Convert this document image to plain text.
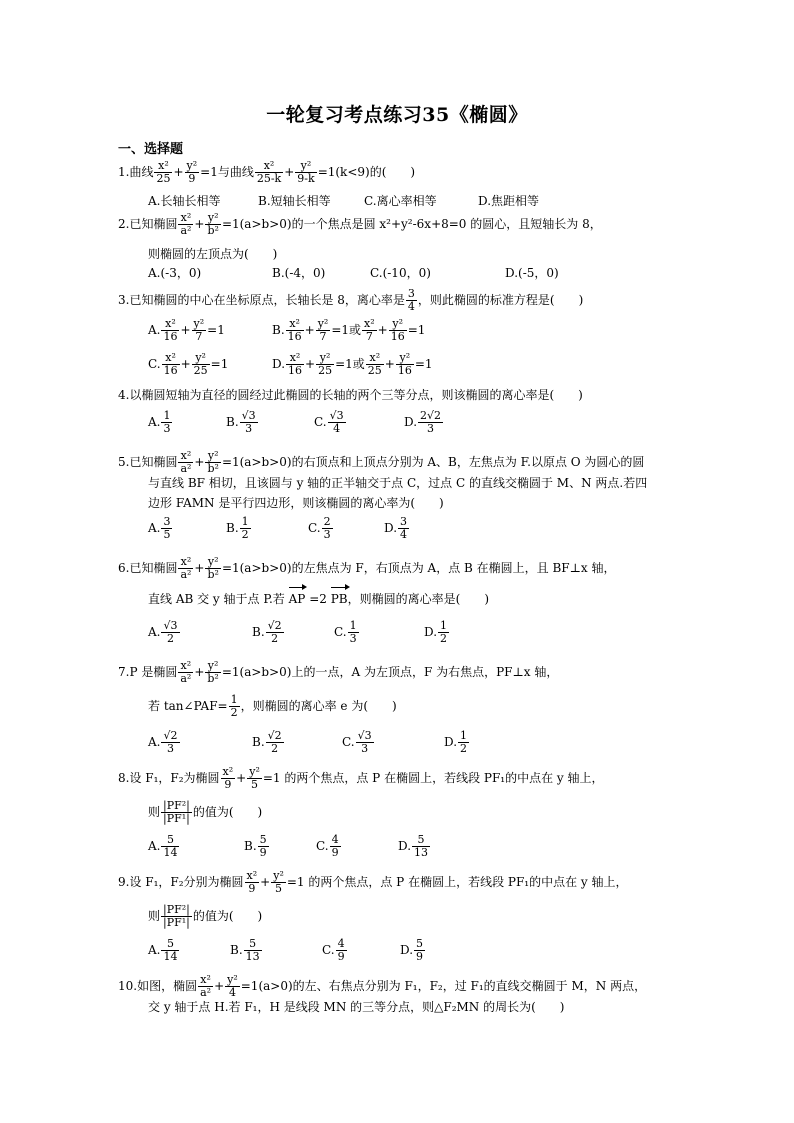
一轮复习考点练习35《椭圆》
一、选择题
1.曲线 $\frac{\text{x²}}{25} + \frac{\text{y²}}{9} =1$与曲线 $\frac{\text{x²}}{25-k} + \frac{\text{y²}}{9-k} =1(k<9)$的(　　)
A.长轴长相等	B.短轴长相等	C.离心率相等	D.焦距相等
2.已知椭圆 $\frac{\text{x²}}{\text{a²}} + \frac{\text{y²}}{\text{b²}} =1(a>b>0)$的一个焦点是圆 x²+y²-6x+8=0 的圆心，且短轴长为 8，
则椭圆的左顶点为(　　)
A.(-3，0)	B.(-4，0)	C.(-10，0)	D.(-5，0)
3.已知椭圆的中心在坐标原点，长轴长是 8，离心率是 $\frac{3}{4}$ ，则此椭圆的标准方程是(　　)
A. $\frac{\text{x²}}{16} + \frac{\text{y²}}{7} =1$	B. $\frac{\text{x²}}{16} + \frac{\text{y²}}{7} =1$或 $\frac{\text{x²}}{7} + \frac{\text{y²}}{16} =1$
C. $\frac{\text{x²}}{16} + \frac{\text{y²}}{25} =1$	D. $\frac{\text{x²}}{16} + \frac{\text{y²}}{25} =1$或 $\frac{\text{x²}}{25} + \frac{\text{y²}}{16} =1$
4.以椭圆短轴为直径的圆经过此椭圆的长轴的两个三等分点，则该椭圆的离心率是(　　)
A. $\frac{1}{3}$	B. $\frac{√3}{3}$	C. $\frac{√3}{4}$	D. $\frac{2√2}{3}$
5.已知椭圆 $\frac{\text{x²}}{\text{a²}} + \frac{\text{y²}}{\text{b²}} =1(a>b>0)$的右顶点和上顶点分别为 A、B，左焦点为 F.以原点 O 为圆心的圆
与直线 BF 相切，且该圆与 y 轴的正半轴交于点 C，过点 C 的直线交椭圆于 M、N 两点.若四
边形 FAMN 是平行四边形，则该椭圆的离心率为(　　)
A. $\frac{3}{5}$	B. $\frac{1}{2}$	C. $\frac{2}{3}$	D. $\frac{3}{4}$
6.已知椭圆 $\frac{\text{x²}}{\text{a²}} + \frac{\text{y²}}{\text{b²}} =1(a>b>0)$的左焦点为 F，右顶点为 A，点 B 在椭圆上，且 BF⊥x 轴，
直线 AB 交 y 轴于点 P.若 AP =2 PB，则椭圆的离心率是(　　)
A. $\frac{√3}{2}$	B. $\frac{√2}{2}$	C. $\frac{1}{3}$	D. $\frac{1}{2}$
7.P 是椭圆 $\frac{\text{x²}}{\text{a²}} + \frac{\text{y²}}{\text{b²}} =1(a>b>0)$上的一点，A 为左顶点，F 为右焦点，PF⊥x 轴，
若 tan∠PAF= $\frac{1}{2}$ ，则椭圆的离心率 e 为(　　)
A. $\frac{√2}{3}$	B. $\frac{√2}{2}$	C. $\frac{√3}{3}$	D. $\frac{1}{2}$
8.设 F₁，F₂为椭圆 $\frac{\text{x²}}{9} + \frac{\text{y²}}{5} =1$ 的两个焦点，点 P 在椭圆上，若线段 PF₁的中点在 y 轴上，
则 $\frac{\text{|PF²|}}{\text{|PF¹|}}$ 的值为(　　)
A. $\frac{5}{14}$	B. $\frac{5}{9}$	C. $\frac{4}{9}$	D. $\frac{5}{13}$
9.设 F₁，F₂分别为椭圆 $\frac{\text{x²}}{9} + \frac{\text{y²}}{5} =1$ 的两个焦点，点 P 在椭圆上，若线段 PF₁的中点在 y 轴上，
则 $\frac{\text{|PF²|}}{\text{|PF¹|}}$ 的值为(　　)
A. $\frac{5}{14}$	B. $\frac{5}{13}$	C. $\frac{4}{9}$	D. $\frac{5}{9}$
10.如图，椭圆 $\frac{\text{x²}}{\text{a²}} + \frac{\text{y²}}{4} =1(a>0)$的左、右焦点分别为 F₁，F₂，过 F₁的直线交椭圆于 M，N 两点，
交 y 轴于点 H.若 F₁，H 是线段 MN 的三等分点，则△F₂MN 的周长为(　　)
